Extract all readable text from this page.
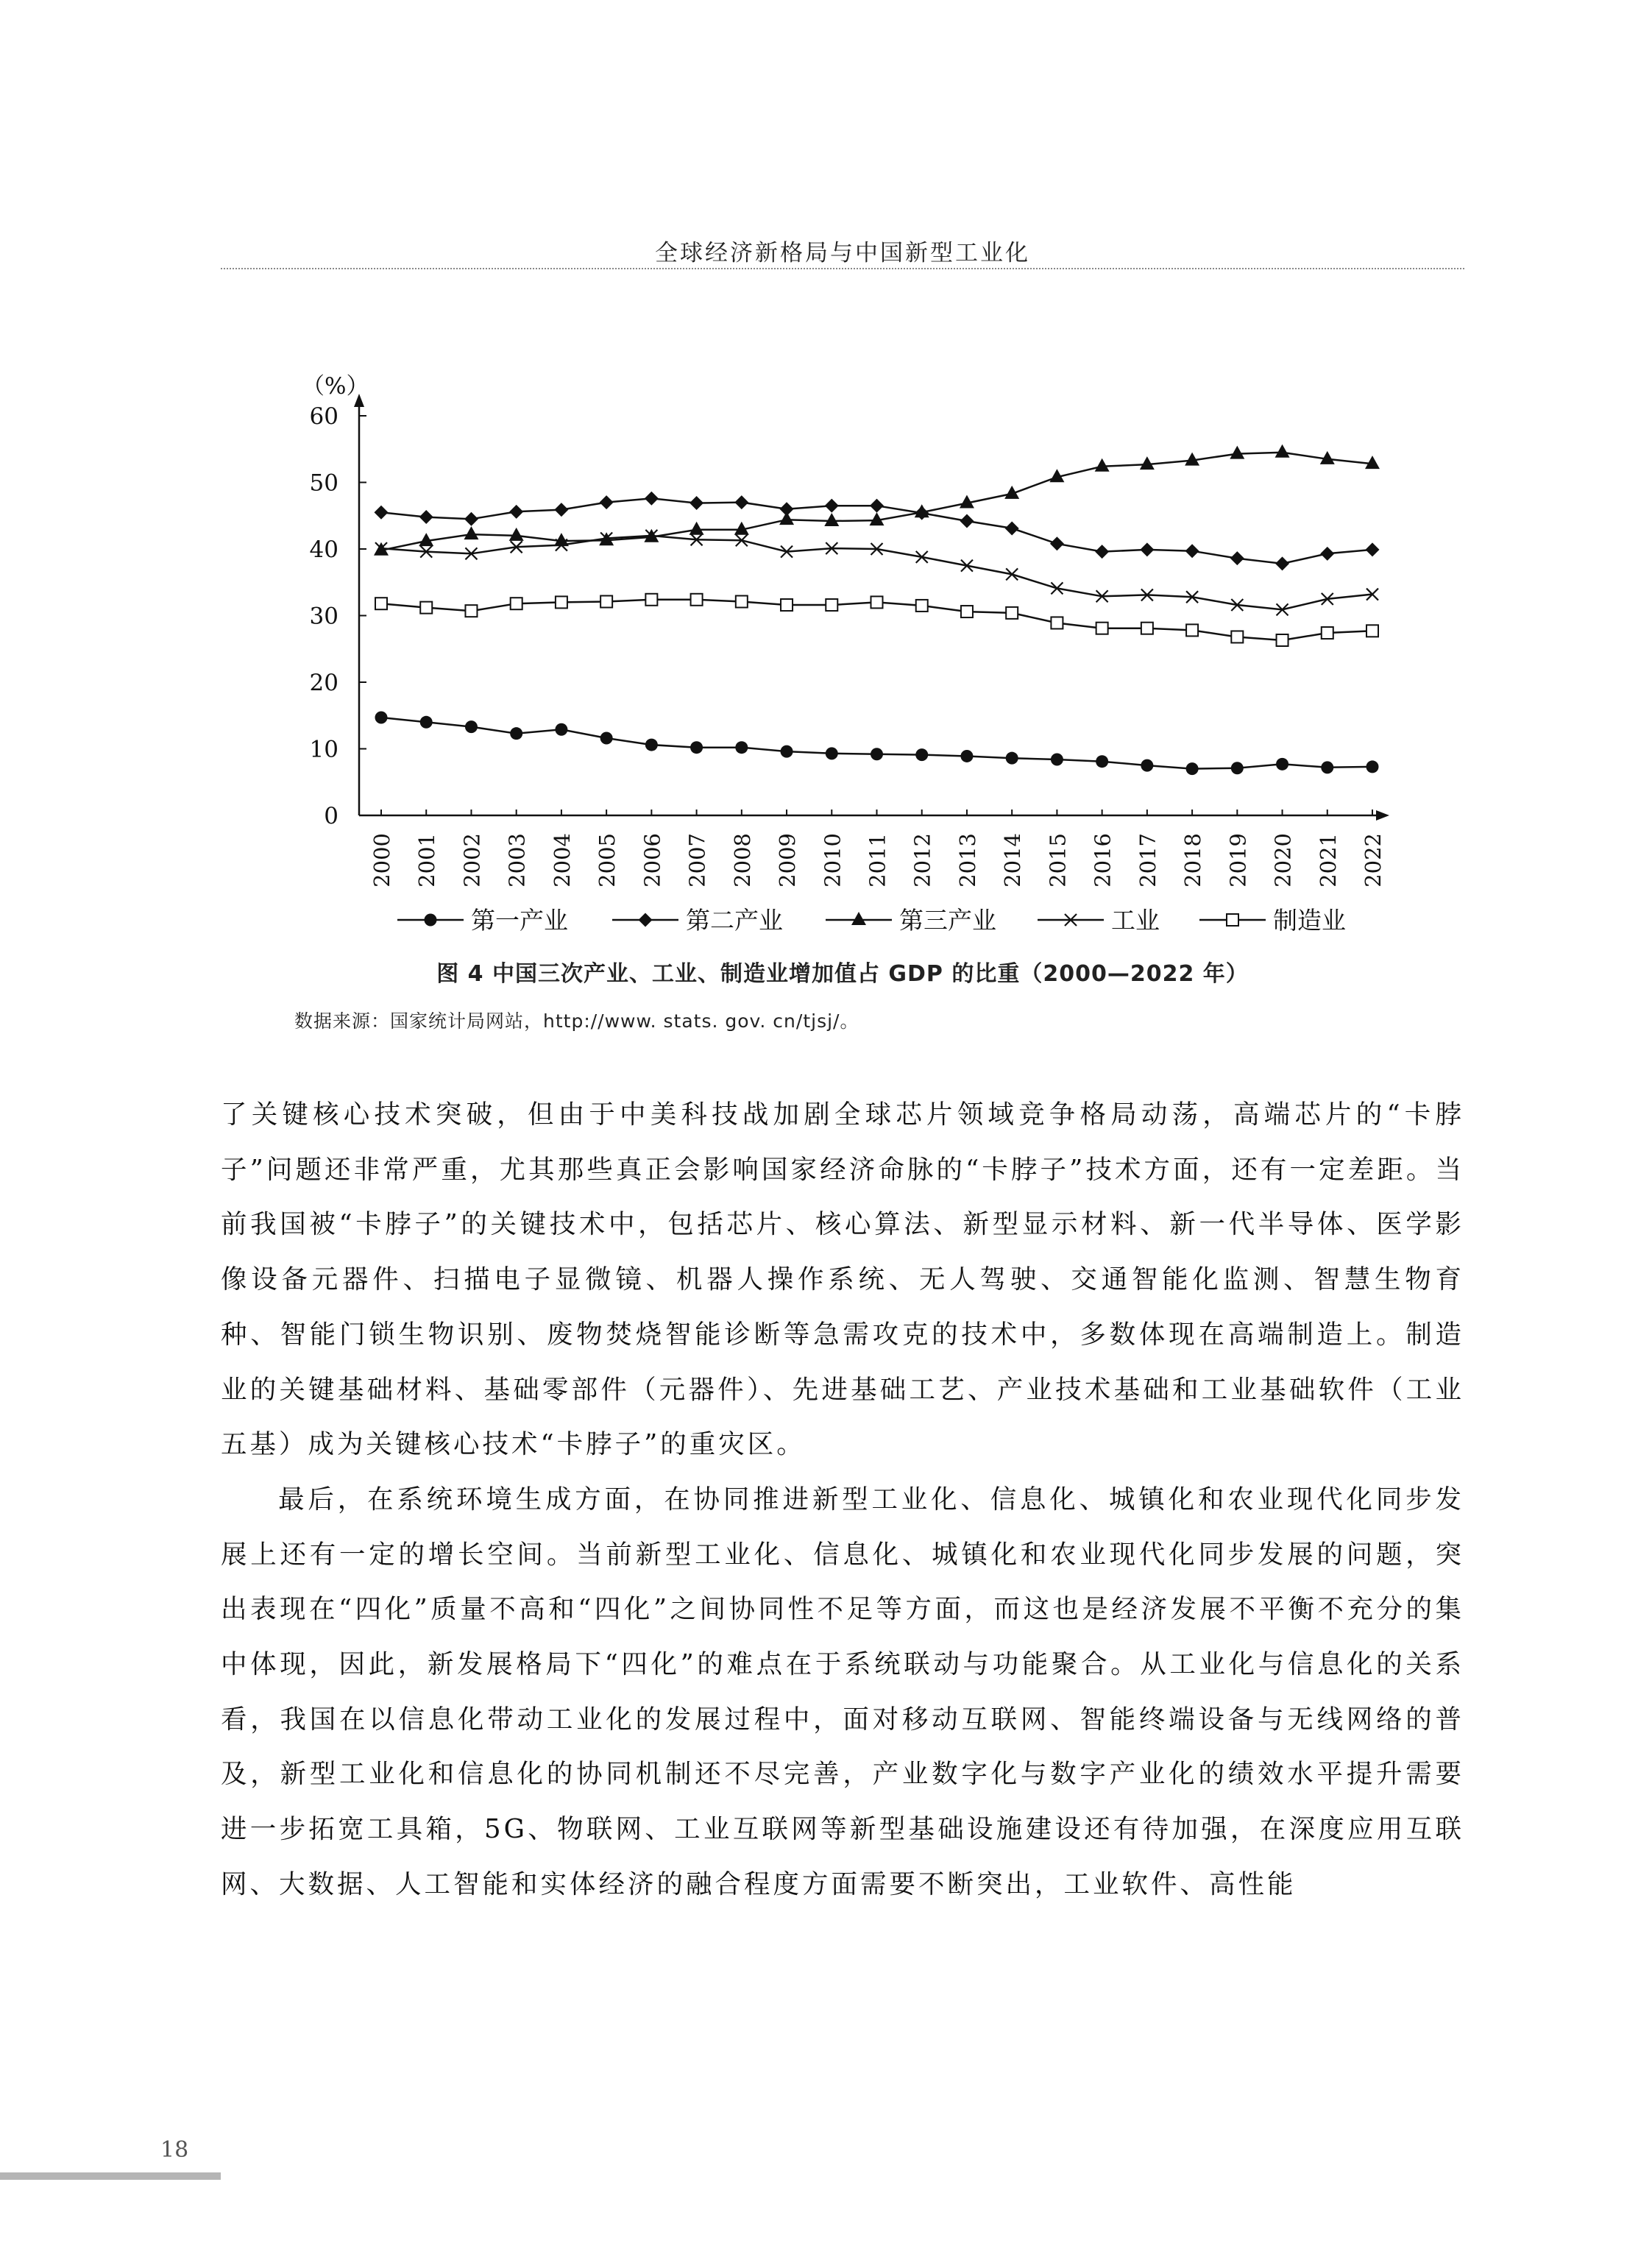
全球经济新格局与中国新型工业化
（%）
0
10
20
30
40
50
60
2000 2001 2002 2003 2004 2005 2006 2007 2008 2009 2010 2011 2012 2013 2014 2015 2016 2017 2018 2019 2020 2021 2022
第一产业	第二产业	第三产业	工业	制造业
图 4 中国三次产业、工业、制造业增加值占 GDP 的比重（2000—2022 年）
数据来源：国家统计局网站，http://www. stats. gov. cn/tjsj/。

了关键核心技术突破，但由于中美科技战加剧全球芯片领域竞争格局动荡，高端芯片的“卡脖子”问题还非常严重，尤其那些真正会影响国家经济命脉的“卡脖子”技术方面，还有一定差距。当前我国被“卡脖子”的关键技术中，包括芯片、核心算法、新型显示材料、新一代半导体、医学影像设备元器件、扫描电子显微镜、机器人操作系统、无人驾驶、交通智能化监测、智慧生物育种、智能门锁生物识别、废物焚烧智能诊断等急需攻克的技术中，多数体现在高端制造上。制造业的关键基础材料、基础零部件（元器件）、先进基础工艺、产业技术基础和工业基础软件（工业五基）成为关键核心技术“卡脖子”的重灾区。

最后，在系统环境生成方面，在协同推进新型工业化、信息化、城镇化和农业现代化同步发展上还有一定的增长空间。当前新型工业化、信息化、城镇化和农业现代化同步发展的问题，突出表现在“四化”质量不高和“四化”之间协同性不足等方面，而这也是经济发展不平衡不充分的集中体现，因此，新发展格局下“四化”的难点在于系统联动与功能聚合。从工业化与信息化的关系看，我国在以信息化带动工业化的发展过程中，面对移动互联网、智能终端设备与无线网络的普及，新型工业化和信息化的协同机制还不尽完善，产业数字化与数字产业化的绩效水平提升需要进一步拓宽工具箱，5G、物联网、工业互联网等新型基础设施建设还有待加强，在深度应用互联网、大数据、人工智能和实体经济的融合程度方面需要不断突出，工业软件、高性能

18
